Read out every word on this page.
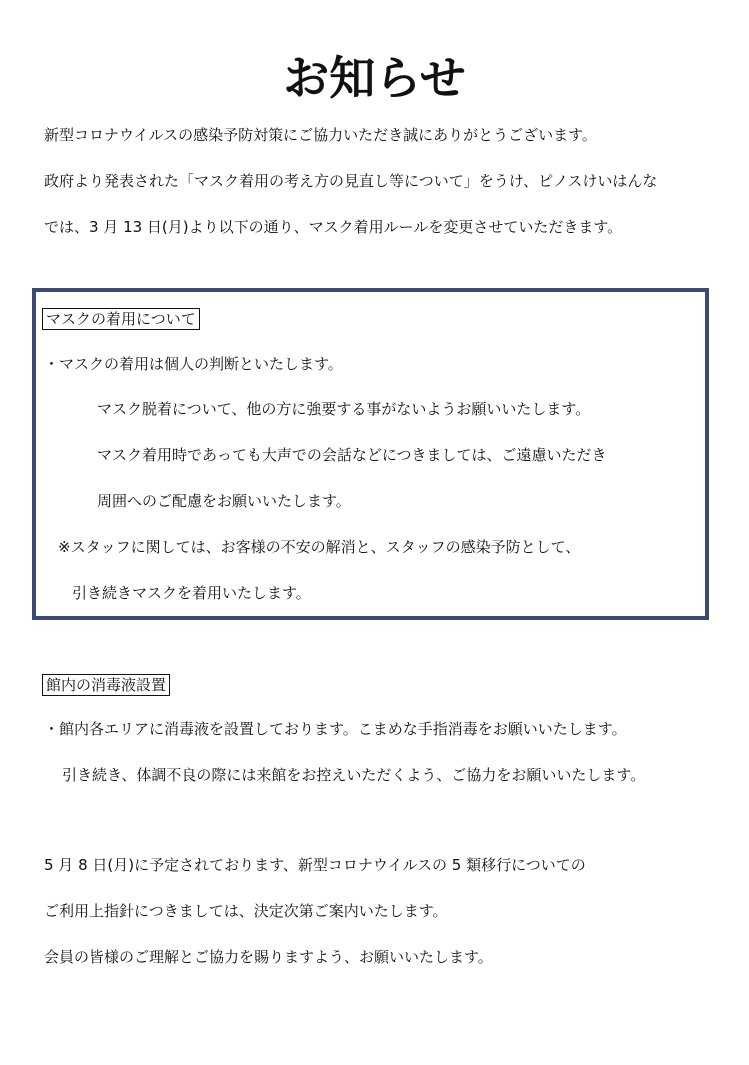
お知らせ
新型コロナウイルスの感染予防対策にご協力いただき誠にありがとうございます。
政府より発表された「マスク着用の考え方の見直し等について」をうけ、ピノスけいはんな
では、3 月 13 日(月)より以下の通り、マスク着用ルールを変更させていただきます。
マスクの着用について
・マスクの着用は個人の判断といたします。
マスク脱着について、他の方に強要する事がないようお願いいたします。
マスク着用時であっても大声での会話などにつきましては、ご遠慮いただき
周囲へのご配慮をお願いいたします。
※スタッフに関しては、お客様の不安の解消と、スタッフの感染予防として、
引き続きマスクを着用いたします。
館内の消毒液設置
・館内各エリアに消毒液を設置しております。こまめな手指消毒をお願いいたします。
引き続き、体調不良の際には来館をお控えいただくよう、ご協力をお願いいたします。
5 月 8 日(月)に予定されております、新型コロナウイルスの 5 類移行についての
ご利用上指針につきましては、決定次第ご案内いたします。
会員の皆様のご理解とご協力を賜りますよう、お願いいたします。
